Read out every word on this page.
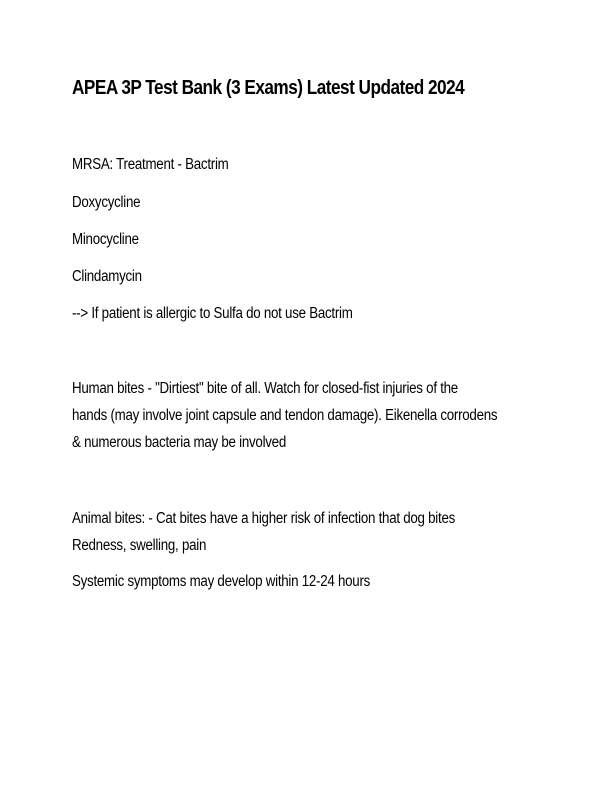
APEA 3P Test Bank (3 Exams) Latest Updated 2024
MRSA: Treatment - Bactrim
Doxycycline
Minocycline
Clindamycin
--> If patient is allergic to Sulfa do not use Bactrim
Human bites - "Dirtiest" bite of all. Watch for closed-fist injuries of the
hands (may involve joint capsule and tendon damage). Eikenella corrodens
& numerous bacteria may be involved
Animal bites: - Cat bites have a higher risk of infection that dog bites
Redness, swelling, pain
Systemic symptoms may develop within 12-24 hours
